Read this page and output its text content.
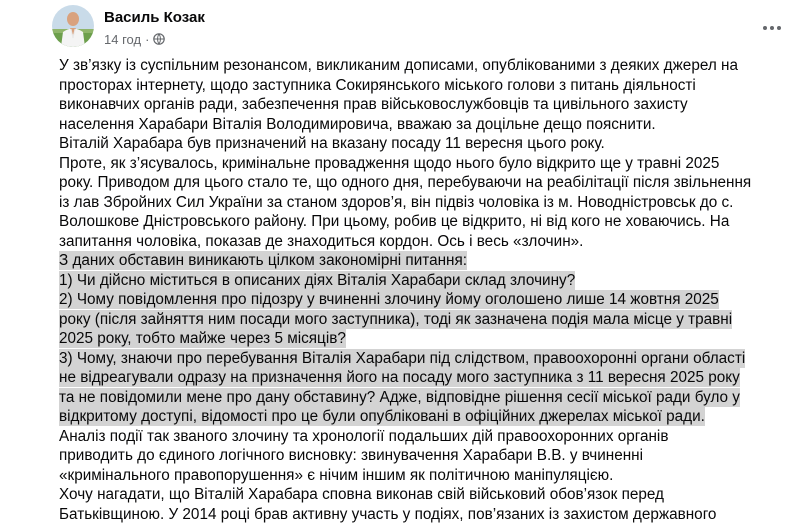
Василь Козак
14 год ·
У зв’язку із суспільним резонансом, викликаним дописами, опублікованими з деяких джерел на
просторах інтернету, щодо заступника Сокирянського міського голови з питань діяльності
виконавчих органів ради, забезпечення прав військовослужбовців та цивільного захисту
населення Харабари Віталія Володимировича, вважаю за доцільне дещо пояснити.
Віталій Харабара був призначений на вказану посаду 11 вересня цього року.
Проте, як з’ясувалось, кримінальне провадження щодо нього було відкрито ще у травні 2025
року. Приводом для цього стало те, що одного дня, перебуваючи на реабілітації після звільнення
із лав Збройних Сил України за станом здоров’я, він підвіз чоловіка із м. Новодністровськ до с.
Волошкове Дністровського району. При цьому, робив це відкрито, ні від кого не ховаючись. На
запитання чоловіка, показав де знаходиться кордон. Ось і весь «злочин».
З даних обставин виникають цілком закономірні питання:
1) Чи дійсно міститься в описаних діях Віталія Харабари склад злочину?
2) Чому повідомлення про підозру у вчиненні злочину йому оголошено лише 14 жовтня 2025
року (після зайняття ним посади мого заступника), тоді як зазначена подія мала місце у травні
2025 року, тобто майже через 5 місяців?
3) Чому, знаючи про перебування Віталія Харабари під слідством, правоохоронні органи області
не відреагували одразу на призначення його на посаду мого заступника з 11 вересня 2025 року
та не повідомили мене про дану обставину? Адже, відповідне рішення сесії міської ради було у
відкритому доступі, відомості про це були опубліковані в офіційних джерелах міської ради.
Аналіз події так званого злочину та хронології подальших дій правоохоронних органів
приводить до єдиного логічного висновку: звинувачення Харабари В.В. у вчиненні
«кримінального правопорушення» є нічим іншим як політичною маніпуляцією.
Хочу нагадати, що Віталій Харабара сповна виконав свій військовий обов’язок перед
Батьківщиною. У 2014 році брав активну участь у подіях, пов’язаних із захистом державного
